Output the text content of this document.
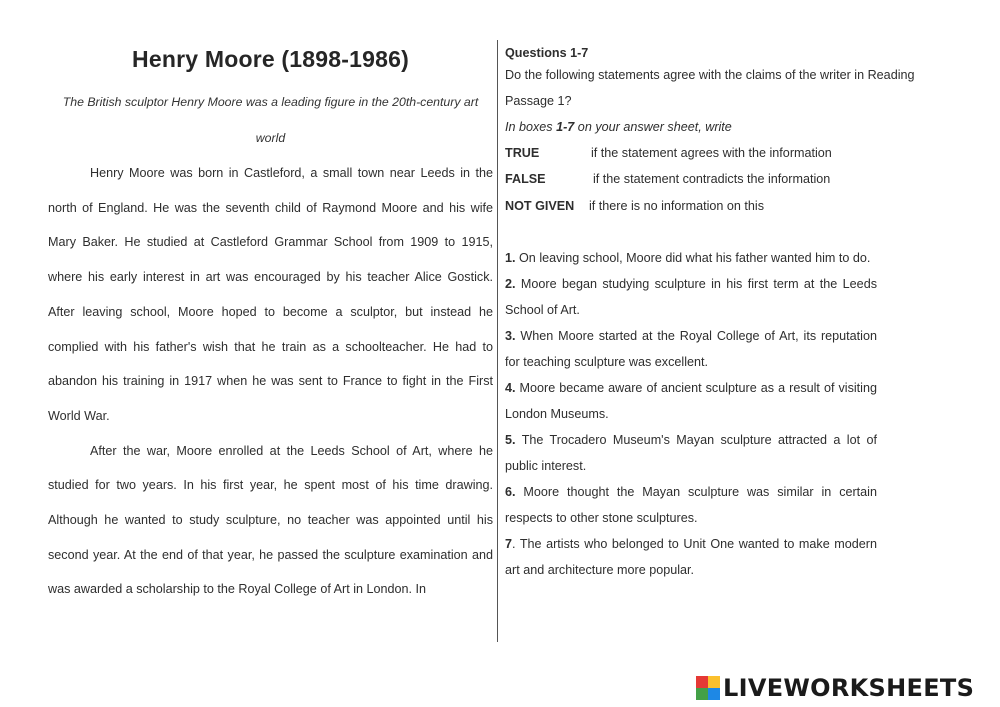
Henry Moore (1898-1986)
The British sculptor Henry Moore was a leading figure in the 20th-century art
world

Henry Moore was born in Castleford, a small town near Leeds in the north of England. He was the seventh child of Raymond Moore and his wife Mary Baker. He studied at Castleford Grammar School from 1909 to 1915, where his early interest in art was encouraged by his teacher Alice Gostick. After leaving school, Moore hoped to become a sculptor, but instead he complied with his father's wish that he train as a schoolteacher. He had to abandon his training in 1917 when he was sent to France to fight in the First World War.

After the war, Moore enrolled at the Leeds School of Art, where he studied for two years. In his first year, he spent most of his time drawing. Although he wanted to study sculpture, no teacher was appointed until his second year. At the end of that year, he passed the sculpture examination and was awarded a scholarship to the Royal College of Art in London. In

Questions 1-7
Do the following statements agree with the claims of the writer in Reading
Passage 1?
In boxes 1-7 on your answer sheet, write
TRUE	if the statement agrees with the information
FALSE	if the statement contradicts the information
NOT GIVEN	if there is no information on this

1. On leaving school, Moore did what his father wanted him to do.

2. Moore began studying sculpture in his first term at the Leeds School of Art.

3. When Moore started at the Royal College of Art, its reputation for teaching sculpture was excellent.

4. Moore became aware of ancient sculpture as a result of visiting London Museums.

5. The Trocadero Museum's Mayan sculpture attracted a lot of public interest.

6. Moore thought the Mayan sculpture was similar in certain respects to other stone sculptures.

7. The artists who belonged to Unit One wanted to make modern art and architecture more popular.

LIVEWORKSHEETS
